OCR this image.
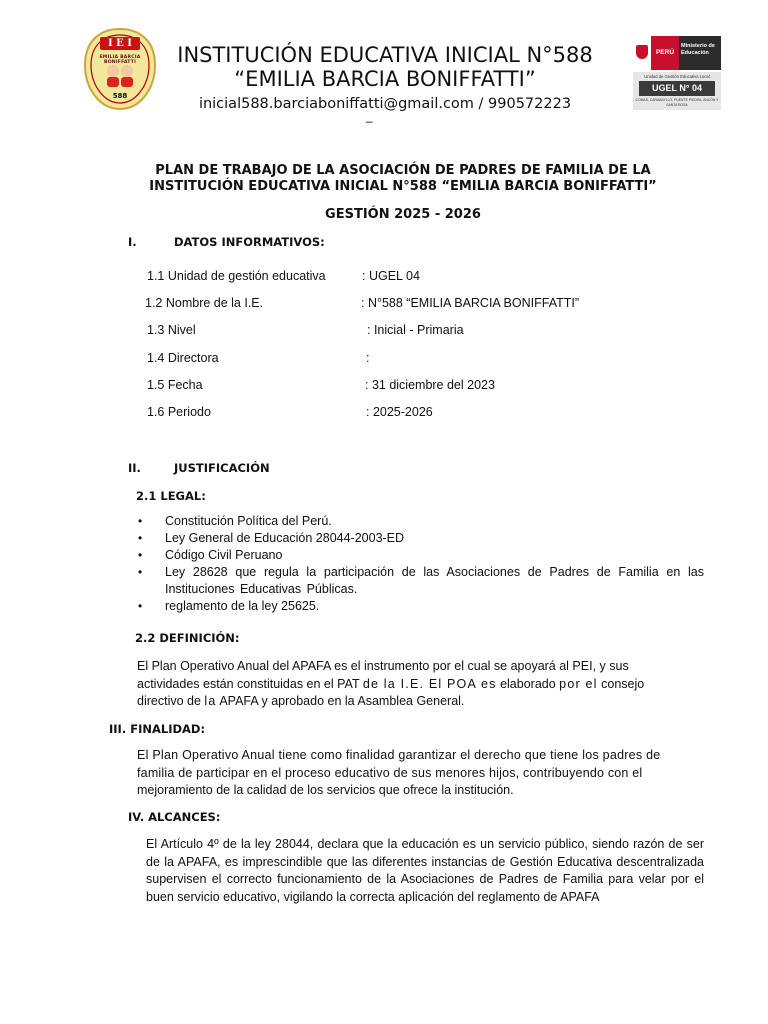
I E I
EMILIA BARCIA BONIFFATTI
588
INSTITUCIÓN EDUCATIVA INICIAL N°588
“EMILIA BARCIA BONIFFATTI”
inicial588.barciaboniffatti@gmail.com / 990572223
–
PERÚ
Ministerio de Educación
Unidad de Gestión Educativa Local
UGEL N° 04
COMAS, CARABAYLLO, PUENTE PIEDRA, ANCÓN Y SANTA ROSA
PLAN DE TRABAJO DE LA ASOCIACIÓN DE PADRES DE FAMILIA DE LA
INSTITUCIÓN EDUCATIVA INICIAL N°588 “EMILIA BARCIA BONIFFATTI”
GESTIÓN 2025 - 2026
I.	DATOS INFORMATIVOS:
1.1 Unidad de gestión educativa	: UGEL 04
1.2 Nombre de la I.E.	: N°588 “EMILIA BARCIA BONIFFATTI”
1.3 Nivel	: Inicial - Primaria
1.4 Directora	:
1.5 Fecha	: 31 diciembre del 2023
1.6 Periodo	: 2025-2026
II.	JUSTIFICACIÓN
2.1 LEGAL:
• Constitución Política del Perú.
• Ley General de Educación 28044-2003-ED
• Código Civil Peruano
• Ley 28628 que regula la participación de las Asociaciones de Padres de Familia en las Instituciones Educativas Públicas.
• reglamento de la ley 25625.
2.2 DEFINICIÓN:
El Plan Operativo Anual del APAFA es el instrumento por el cual se apoyará al PEI, y sus
actividades están constituidas en el PAT de la I.E. El POA es elaborado por el consejo
directivo de la APAFA y aprobado en la Asamblea General.
III. FINALIDAD:
El Plan Operativo Anual tiene como finalidad garantizar el derecho que tiene los padres de
familia de participar en el proceso educativo de sus menores hijos, contribuyendo con el
mejoramiento de la calidad de los servicios que ofrece la institución.
IV. ALCANCES:
El Artículo 4º de la ley 28044, declara que la educación es un servicio público, siendo razón de ser de la APAFA, es imprescindible que las diferentes instancias de Gestión Educativa descentralizada supervisen el correcto funcionamiento de la Asociaciones de Padres de Familia para velar por el buen servicio educativo, vigilando la correcta aplicación del reglamento de APAFA
